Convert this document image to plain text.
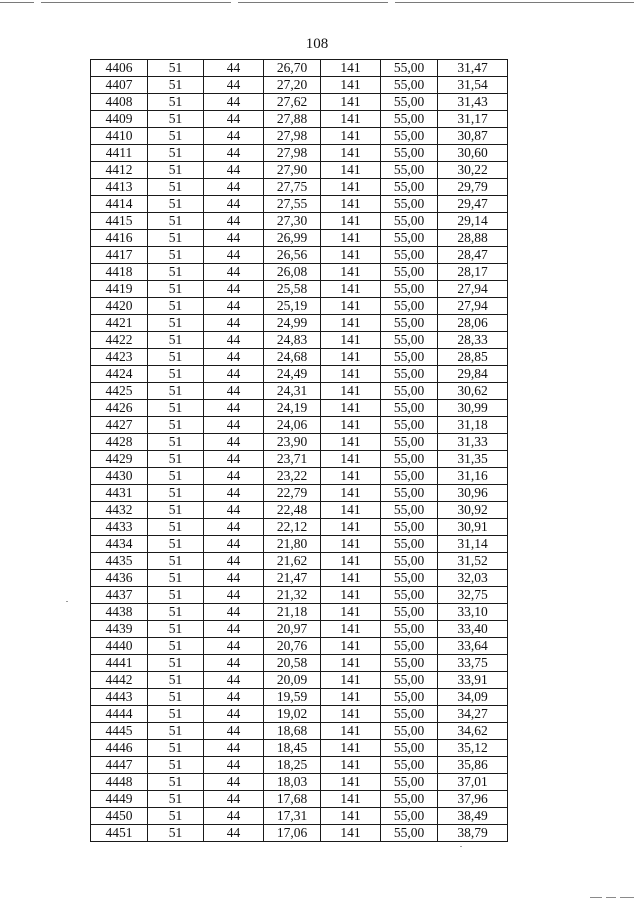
108
4406	51	44	26,70	141	55,00	31,47
4407	51	44	27,20	141	55,00	31,54
4408	51	44	27,62	141	55,00	31,43
4409	51	44	27,88	141	55,00	31,17
4410	51	44	27,98	141	55,00	30,87
4411	51	44	27,98	141	55,00	30,60
4412	51	44	27,90	141	55,00	30,22
4413	51	44	27,75	141	55,00	29,79
4414	51	44	27,55	141	55,00	29,47
4415	51	44	27,30	141	55,00	29,14
4416	51	44	26,99	141	55,00	28,88
4417	51	44	26,56	141	55,00	28,47
4418	51	44	26,08	141	55,00	28,17
4419	51	44	25,58	141	55,00	27,94
4420	51	44	25,19	141	55,00	27,94
4421	51	44	24,99	141	55,00	28,06
4422	51	44	24,83	141	55,00	28,33
4423	51	44	24,68	141	55,00	28,85
4424	51	44	24,49	141	55,00	29,84
4425	51	44	24,31	141	55,00	30,62
4426	51	44	24,19	141	55,00	30,99
4427	51	44	24,06	141	55,00	31,18
4428	51	44	23,90	141	55,00	31,33
4429	51	44	23,71	141	55,00	31,35
4430	51	44	23,22	141	55,00	31,16
4431	51	44	22,79	141	55,00	30,96
4432	51	44	22,48	141	55,00	30,92
4433	51	44	22,12	141	55,00	30,91
4434	51	44	21,80	141	55,00	31,14
4435	51	44	21,62	141	55,00	31,52
4436	51	44	21,47	141	55,00	32,03
4437	51	44	21,32	141	55,00	32,75
4438	51	44	21,18	141	55,00	33,10
4439	51	44	20,97	141	55,00	33,40
4440	51	44	20,76	141	55,00	33,64
4441	51	44	20,58	141	55,00	33,75
4442	51	44	20,09	141	55,00	33,91
4443	51	44	19,59	141	55,00	34,09
4444	51	44	19,02	141	55,00	34,27
4445	51	44	18,68	141	55,00	34,62
4446	51	44	18,45	141	55,00	35,12
4447	51	44	18,25	141	55,00	35,86
4448	51	44	18,03	141	55,00	37,01
4449	51	44	17,68	141	55,00	37,96
4450	51	44	17,31	141	55,00	38,49
4451	51	44	17,06	141	55,00	38,79
